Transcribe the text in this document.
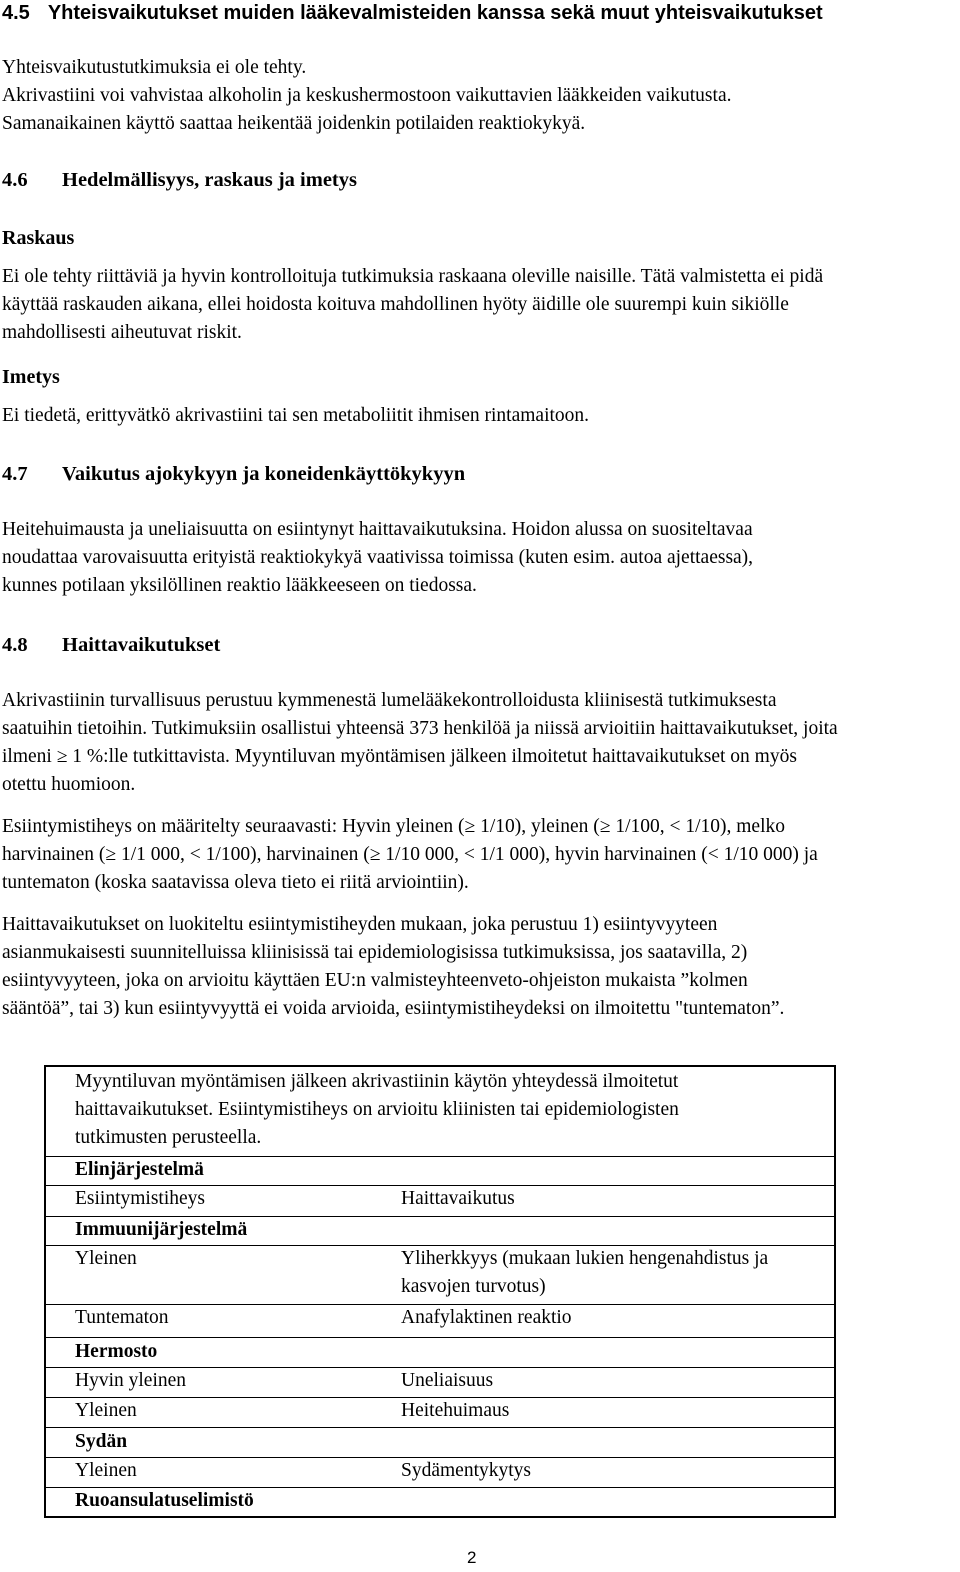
4.5 Yhteisvaikutukset muiden lääkevalmisteiden kanssa sekä muut yhteisvaikutukset
Yhteisvaikutustutkimuksia ei ole tehty.
Akrivastiini voi vahvistaa alkoholin ja keskushermostoon vaikuttavien lääkkeiden vaikutusta.
Samanaikainen käyttö saattaa heikentää joidenkin potilaiden reaktiokykyä.
4.6 Hedelmällisyys, raskaus ja imetys
Raskaus
Ei ole tehty riittäviä ja hyvin kontrolloituja tutkimuksia raskaana oleville naisille. Tätä valmistetta ei pidä
käyttää raskauden aikana, ellei hoidosta koituva mahdollinen hyöty äidille ole suurempi kuin sikiölle
mahdollisesti aiheutuvat riskit.
Imetys
Ei tiedetä, erittyvätkö akrivastiini tai sen metaboliitit ihmisen rintamaitoon.
4.7 Vaikutus ajokykyyn ja koneidenkäyttökykyyn
Heitehuimausta ja uneliaisuutta on esiintynyt haittavaikutuksina. Hoidon alussa on suositeltavaa
noudattaa varovaisuutta erityistä reaktiokykyä vaativissa toimissa (kuten esim. autoa ajettaessa),
kunnes potilaan yksilöllinen reaktio lääkkeeseen on tiedossa.
4.8 Haittavaikutukset
Akrivastiinin turvallisuus perustuu kymmenestä lumelääkekontrolloidusta kliinisestä tutkimuksesta
saatuihin tietoihin. Tutkimuksiin osallistui yhteensä 373 henkilöä ja niissä arvioitiin haittavaikutukset, joita
ilmeni ≥ 1 %:lle tutkittavista. Myyntiluvan myöntämisen jälkeen ilmoitetut haittavaikutukset on myös
otettu huomioon.
Esiintymistiheys on määritelty seuraavasti: Hyvin yleinen (≥ 1/10), yleinen (≥ 1/100, < 1/10), melko
harvinainen (≥ 1/1 000, < 1/100), harvinainen (≥ 1/10 000, < 1/1 000), hyvin harvinainen (< 1/10 000) ja
tuntematon (koska saatavissa oleva tieto ei riitä arviointiin).
Haittavaikutukset on luokiteltu esiintymistiheyden mukaan, joka perustuu 1) esiintyvyyteen
asianmukaisesti suunnitelluissa kliinisissä tai epidemiologisissa tutkimuksissa, jos saatavilla, 2)
esiintyvyyteen, joka on arvioitu käyttäen EU:n valmisteyhteenveto-ohjeiston mukaista ”kolmen
sääntöä”, tai 3) kun esiintyvyyttä ei voida arvioida, esiintymistiheydeksi on ilmoitettu "tuntematon”.
Myyntiluvan myöntämisen jälkeen akrivastiinin käytön yhteydessä ilmoitetut
haittavaikutukset. Esiintymistiheys on arvioitu kliinisten tai epidemiologisten
tutkimusten perusteella.
Elinjärjestelmä
Esiintymistiheys	Haittavaikutus
Immuunijärjestelmä
Yleinen	Yliherkkyys (mukaan lukien hengenahdistus ja
kasvojen turvotus)
Tuntematon	Anafylaktinen reaktio
Hermosto
Hyvin yleinen	Uneliaisuus
Yleinen	Heitehuimaus
Sydän
Yleinen	Sydämentykytys
Ruoansulatuselimistö
2
